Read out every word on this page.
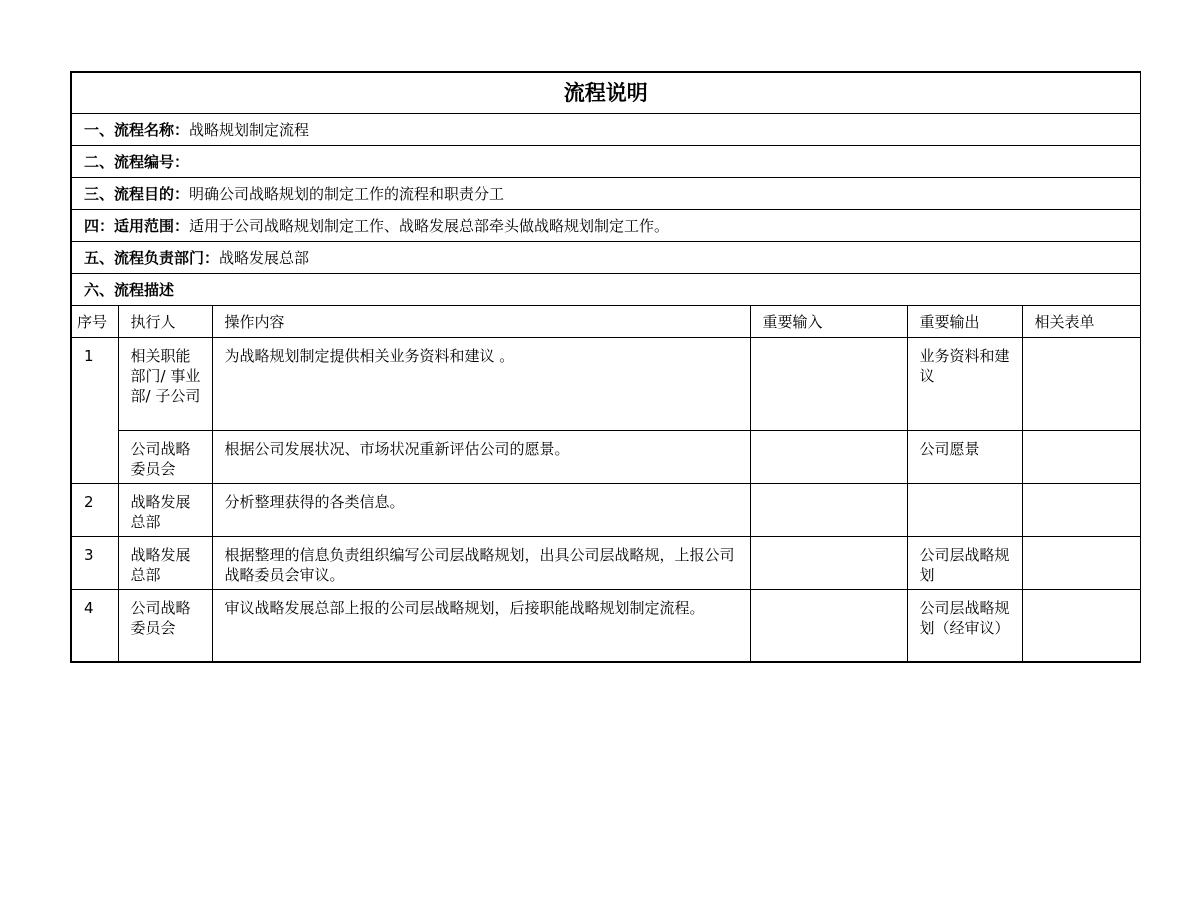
流程说明					
一、流程名称：战略规划制定流程					
二、流程编号：					
三、流程目的：明确公司战略规划的制定工作的流程和职责分工					
四：适用范围：适用于公司战略规划制定工作、战略发展总部牵头做战略规划制定工作。					
五、流程负责部门：战略发展总部					
六、流程描述					
序号	执行人	操作内容	重要输入	重要输出	相关表单
1	相关职能部门/ 事业部/ 子公司	为战略规划制定提供相关业务资料和建议 。		业务资料和建议	
	公司战略委员会	根据公司发展状况、市场状况重新评估公司的愿景。		公司愿景	
2	战略发展总部	分析整理获得的各类信息。			
3	战略发展总部	根据整理的信息负责组织编写公司层战略规划，出具公司层战略规，上报公司战略委员会审议。		公司层战略规划	
4	公司战略委员会	审议战略发展总部上报的公司层战略规划，后接职能战略规划制定流程。		公司层战略规划（经审议）	
